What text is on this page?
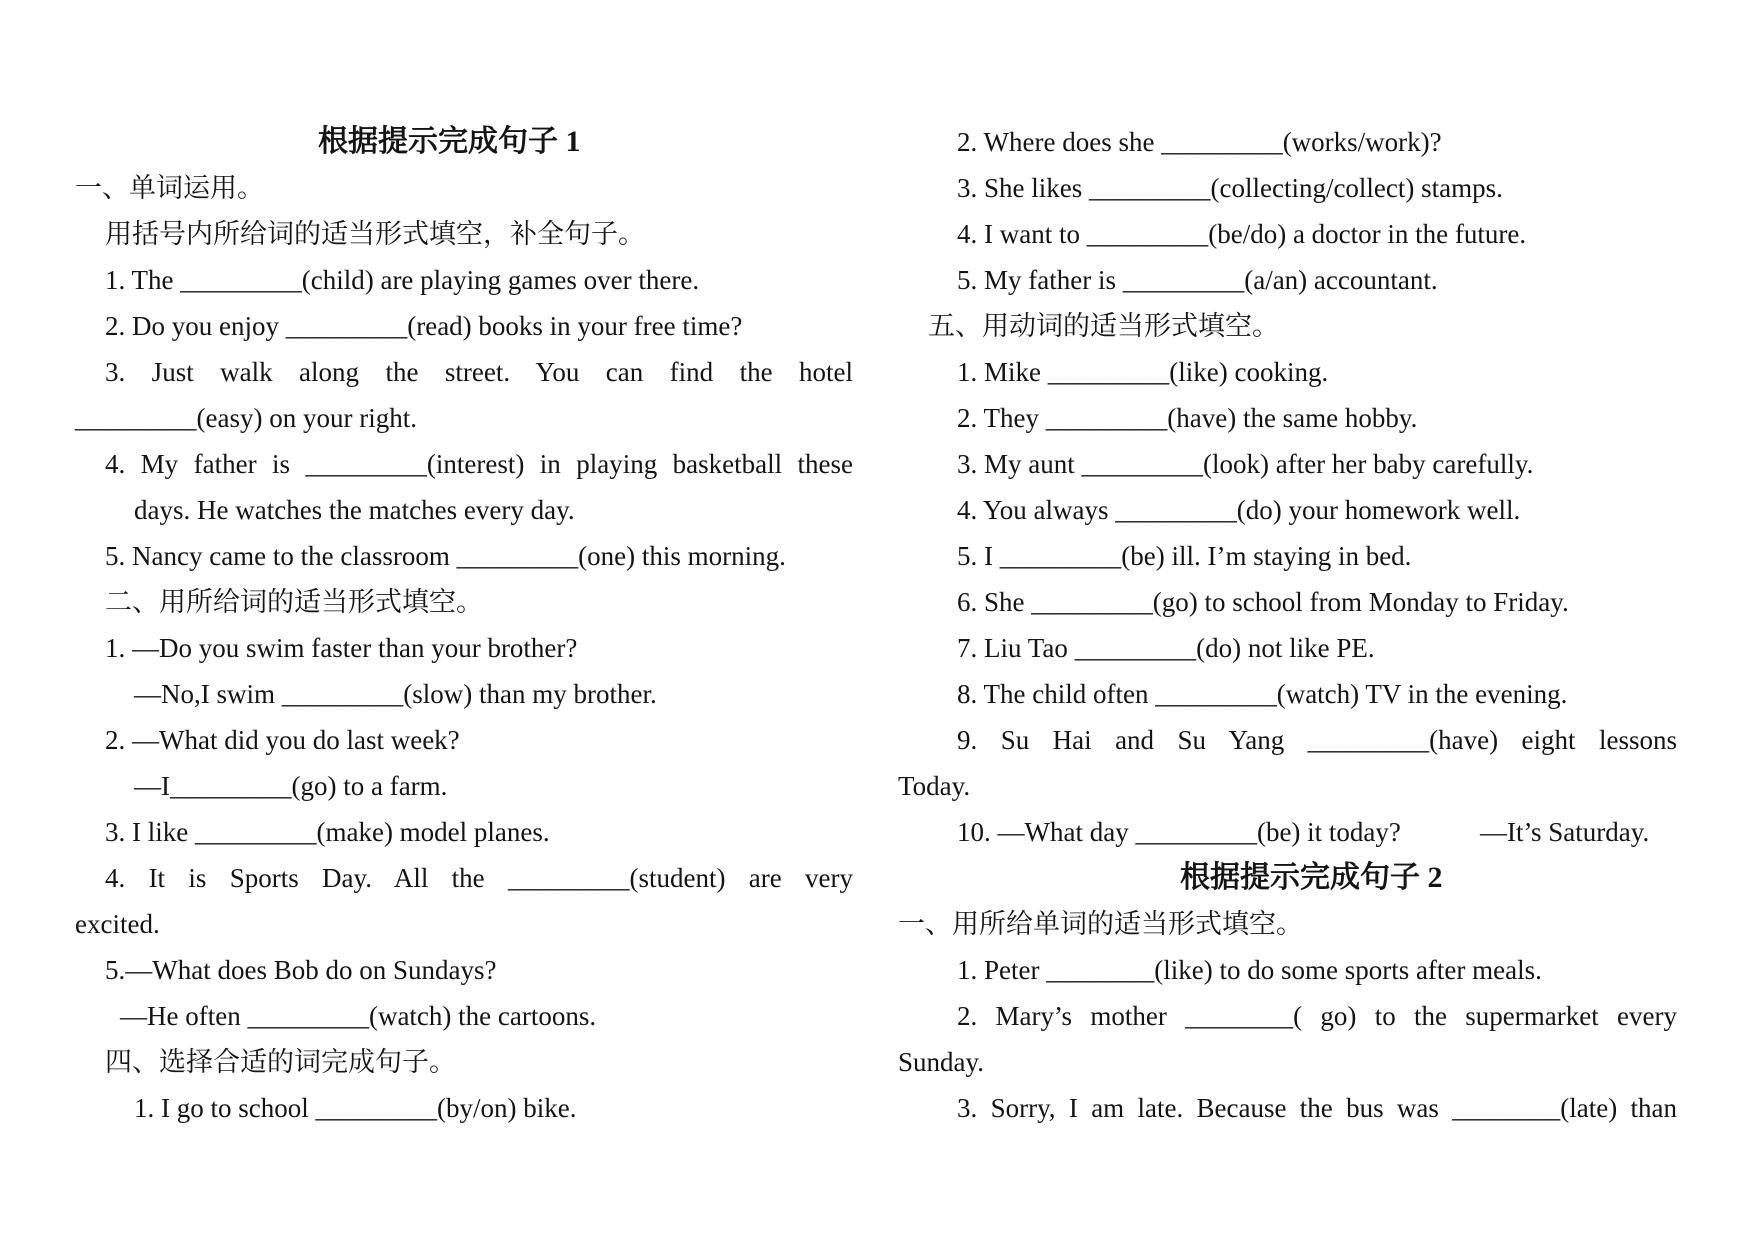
根据提示完成句子 1
一、单词运用。
用括号内所给词的适当形式填空，补全句子。
1. The _________(child) are playing games over there.
2. Do you enjoy _________(read) books in your free time?
3. Just walk along the street. You can find the hotel
_________(easy) on your right.
4. My father is _________(interest) in playing basketball these
days. He watches the matches every day.
5. Nancy came to the classroom _________(one) this morning.
二、用所给词的适当形式填空。
1. —Do you swim faster than your brother?
—No,I swim _________(slow) than my brother.
2. —What did you do last week?
—I_________(go) to a farm.
3. I like _________(make) model planes.
4. It is Sports Day. All the _________(student) are very
excited.
5.—What does Bob do on Sundays?
—He often _________(watch) the cartoons.
四、选择合适的词完成句子。
1. I go to school _________(by/on) bike.
2. Where does she _________(works/work)?
3. She likes _________(collecting/collect) stamps.
4. I want to _________(be/do) a doctor in the future.
5. My father is _________(a/an) accountant.
五、用动词的适当形式填空。
1. Mike _________(like) cooking.
2. They _________(have) the same hobby.
3. My aunt _________(look) after her baby carefully.
4. You always _________(do) your homework well.
5. I _________(be) ill. I’m staying in bed.
6. She _________(go) to school from Monday to Friday.
7. Liu Tao _________(do) not like PE.
8. The child often _________(watch) TV in the evening.
9. Su Hai and Su Yang _________(have) eight lessons
Today.
10. —What day _________(be) it today?	—It’s Saturday.
根据提示完成句子 2
一、用所给单词的适当形式填空。
1. Peter ________(like) to do some sports after meals.
2. Mary’s mother ________( go) to the supermarket every
Sunday.
3. Sorry, I am late. Because the bus was ________(late) than
